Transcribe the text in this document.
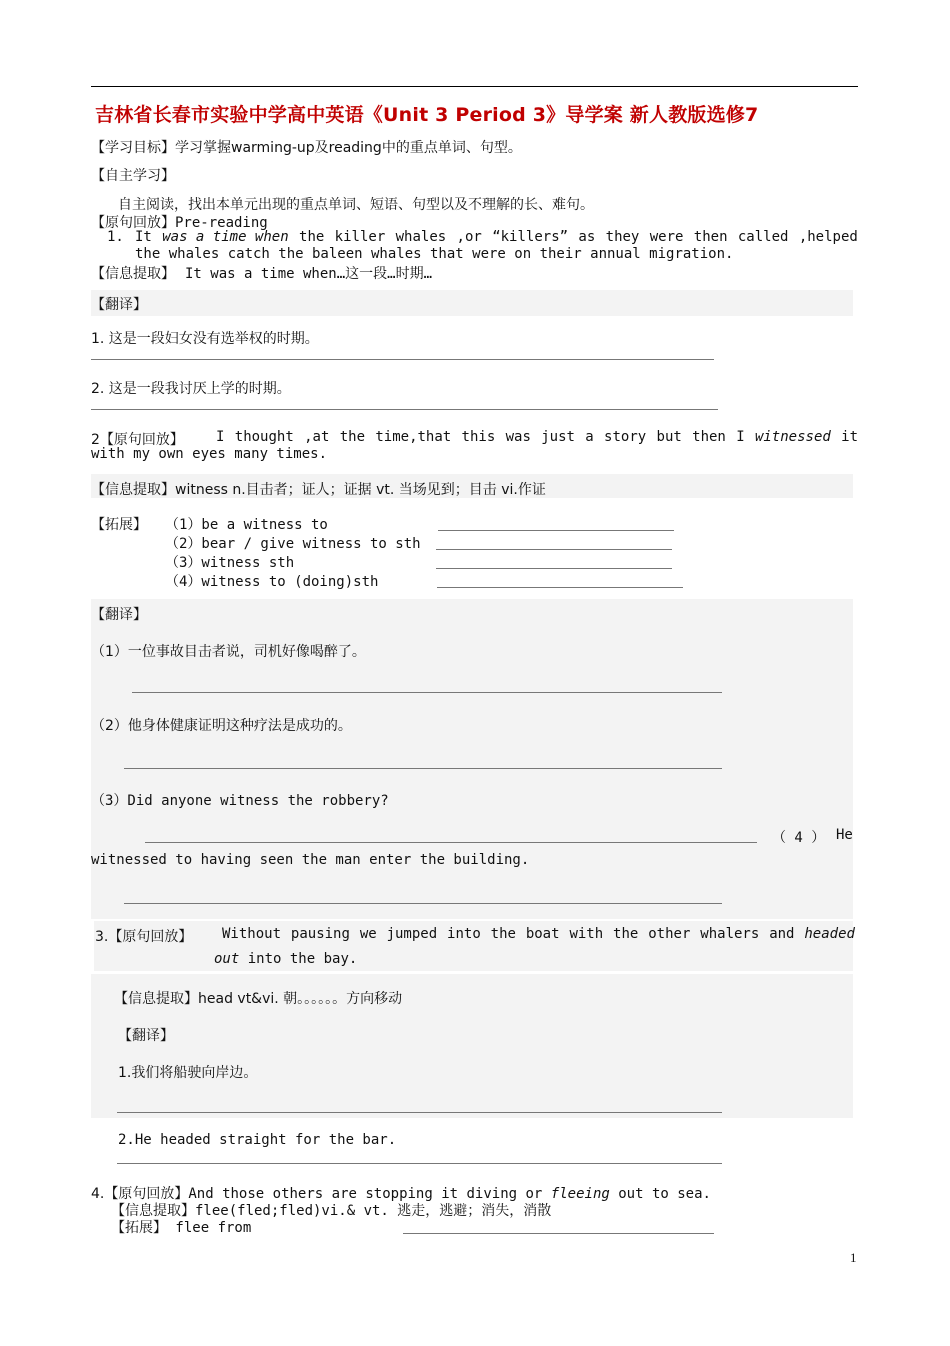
吉林省长春市实验中学高中英语《Unit 3 Period 3》导学案 新人教版选修7
【学习目标】学习掌握warming-up及reading中的重点单词、句型。
【自主学习】
自主阅读，找出本单元出现的重点单词、短语、句型以及不理解的长、难句。
【原句回放】Pre-reading
1. It was a time when the killer whales ,or “killers” as they were then called ,helped
the whales catch the baleen whales that were on their annual migration.
【信息提取】 It was a time when…这一段…时期…
【翻译】
1. 这是一段妇女没有选举权的时期。
2. 这是一段我讨厌上学的时期。
2【原句回放】 I thought ,at the time,that this was just a story but then I witnessed it
with my own eyes many times.
【信息提取】witness n.目击者；证人；证据 vt. 当场见到；目击 vi.作证
【拓展】 （1）be a witness to
（2）bear / give witness to sth
（3）witness sth
（4）witness to (doing)sth
【翻译】
（1）一位事故目击者说，司机好像喝醉了。
（2）他身体健康证明这种疗法是成功的。
（3）Did anyone witness the robbery?
（ 4 ） He
witnessed to having seen the man enter the building.
3.【原句回放】 Without pausing we jumped into the boat with the other whalers and headed
out into the bay.
【信息提取】head vt&vi. 朝。。。。。。方向移动
【翻译】
1.我们将船驶向岸边。
2.He headed straight for the bar.
4.【原句回放】And those others are stopping it diving or fleeing out to sea.
【信息提取】flee(fled;fled)vi.& vt. 逃走，逃避；消失，消散
【拓展】 flee from
1
